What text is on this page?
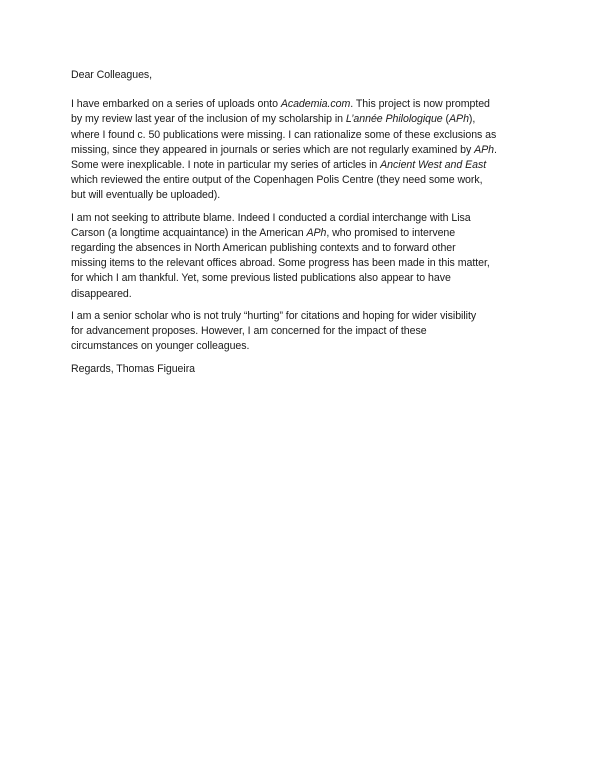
Dear Colleagues,
I have embarked on a series of uploads onto Academia.com. This project is now prompted
by my review last year of the inclusion of my scholarship in L’année Philologique (APh),
where I found c. 50 publications were missing. I can rationalize some of these exclusions as
missing, since they appeared in journals or series which are not regularly examined by APh.
Some were inexplicable. I note in particular my series of articles in Ancient West and East
which reviewed the entire output of the Copenhagen Polis Centre (they need some work,
but will eventually be uploaded).
I am not seeking to attribute blame. Indeed I conducted a cordial interchange with Lisa
Carson (a longtime acquaintance) in the American APh, who promised to intervene
regarding the absences in North American publishing contexts and to forward other
missing items to the relevant offices abroad. Some progress has been made in this matter,
for which I am thankful. Yet, some previous listed publications also appear to have
disappeared.
I am a senior scholar who is not truly “hurting” for citations and hoping for wider visibility
for advancement proposes. However, I am concerned for the impact of these
circumstances on younger colleagues.
Regards, Thomas Figueira
